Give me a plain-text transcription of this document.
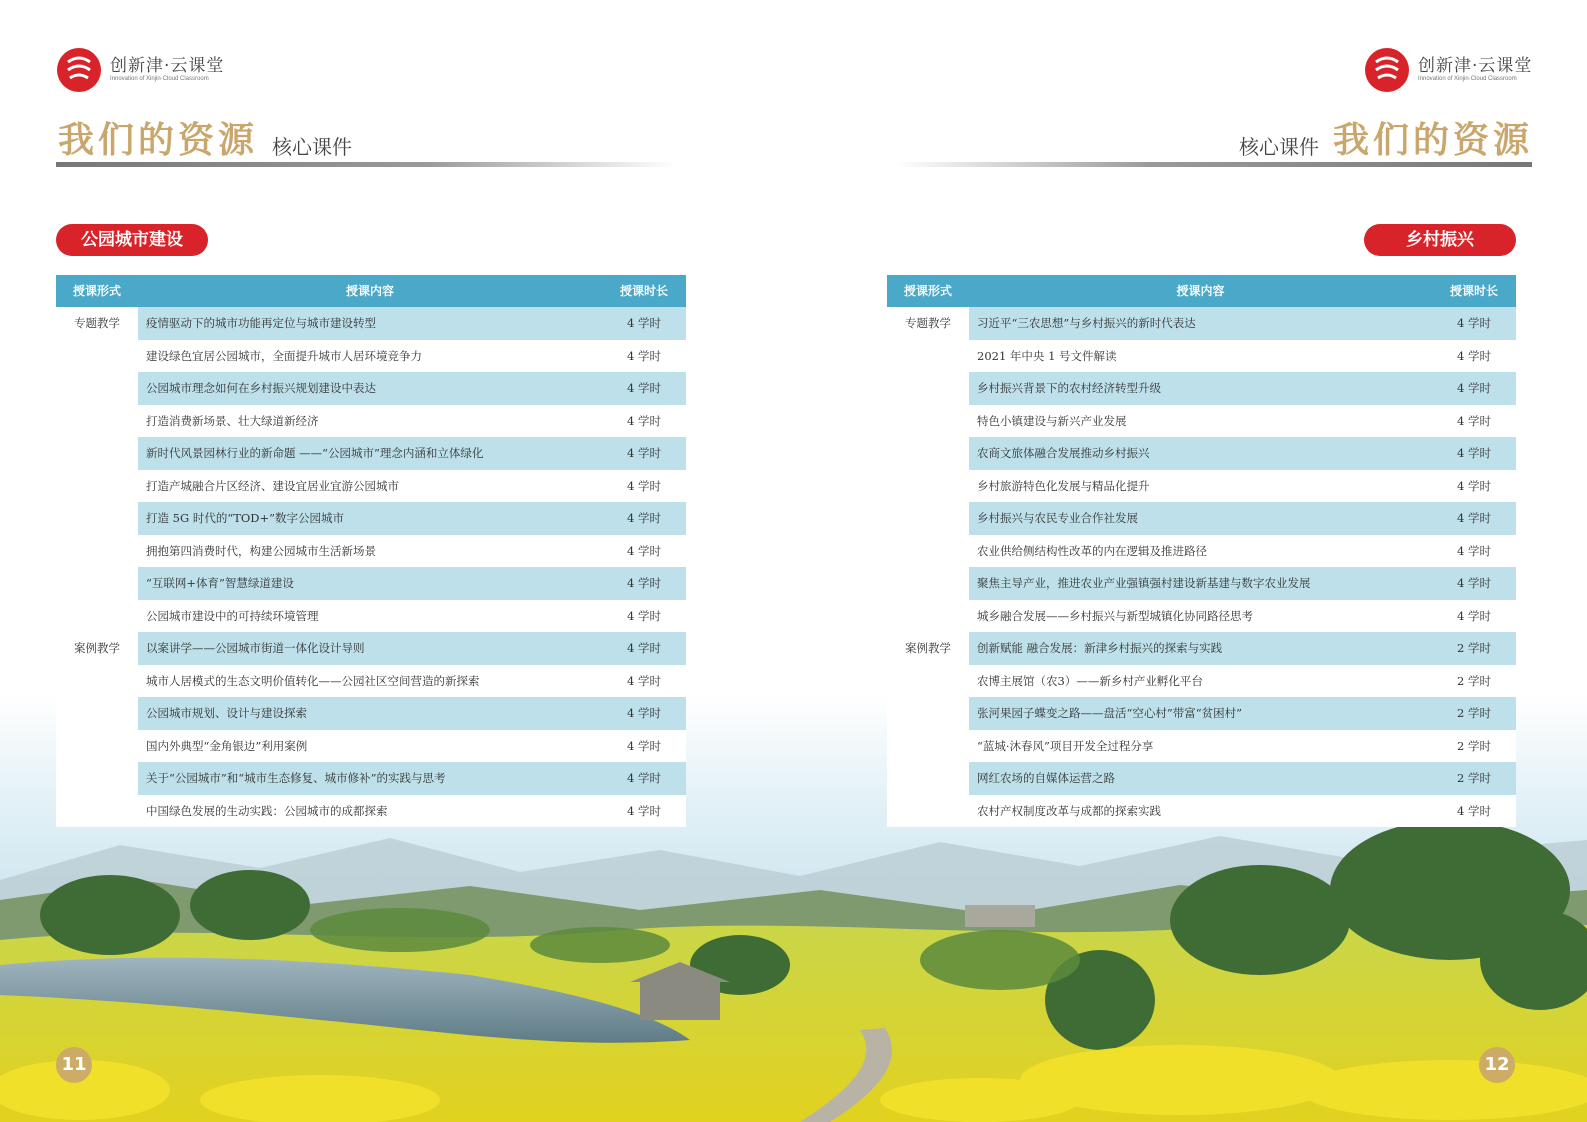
创新津·云课堂
Innovation of Xinjin·Cloud Classroom
我们的资源 核心课件
公园城市建设
授课形式	授课内容	授课时长
专题教学	疫情驱动下的城市功能再定位与城市建设转型	4 学时
建设绿色宜居公园城市，全面提升城市人居环境竞争力	4 学时
公园城市理念如何在乡村振兴规划建设中表达	4 学时
打造消费新场景、壮大绿道新经济	4 学时
新时代风景园林行业的新命题 ——“公园城市”理念内涵和立体绿化	4 学时
打造产城融合片区经济、建设宜居业宜游公园城市	4 学时
打造 5G 时代的“TOD+”数字公园城市	4 学时
拥抱第四消费时代，构建公园城市生活新场景	4 学时
“互联网+体育”智慧绿道建设	4 学时
公园城市建设中的可持续环境管理	4 学时
案例教学	以案讲学——公园城市街道一体化设计导则	4 学时
城市人居模式的生态文明价值转化——公园社区空间营造的新探索	4 学时
公园城市规划、设计与建设探索	4 学时
国内外典型“金角银边”利用案例	4 学时
关于“公园城市”和“城市生态修复、城市修补”的实践与思考	4 学时
中国绿色发展的生动实践：公园城市的成都探索	4 学时
11
创新津·云课堂
Innovation of Xinjin·Cloud Classroom
核心课件 我们的资源
乡村振兴
授课形式	授课内容	授课时长
专题教学	习近平“三农思想”与乡村振兴的新时代表达	4 学时
2021 年中央 1 号文件解读	4 学时
乡村振兴背景下的农村经济转型升级	4 学时
特色小镇建设与新兴产业发展	4 学时
农商文旅体融合发展推动乡村振兴	4 学时
乡村旅游特色化发展与精品化提升	4 学时
乡村振兴与农民专业合作社发展	4 学时
农业供给侧结构性改革的内在逻辑及推进路径	4 学时
聚焦主导产业，推进农业产业强镇强村建设新基建与数字农业发展	4 学时
城乡融合发展——乡村振兴与新型城镇化协同路径思考	4 学时
案例教学	创新赋能 融合发展：新津乡村振兴的探索与实践	2 学时
农博主展馆（农3）——新乡村产业孵化平台	2 学时
张河果园子蝶变之路——盘活“空心村”带富“贫困村”	2 学时
“蓝城·沐春风”项目开发全过程分享	2 学时
网红农场的自媒体运营之路	2 学时
农村产权制度改革与成都的探索实践	4 学时
12
